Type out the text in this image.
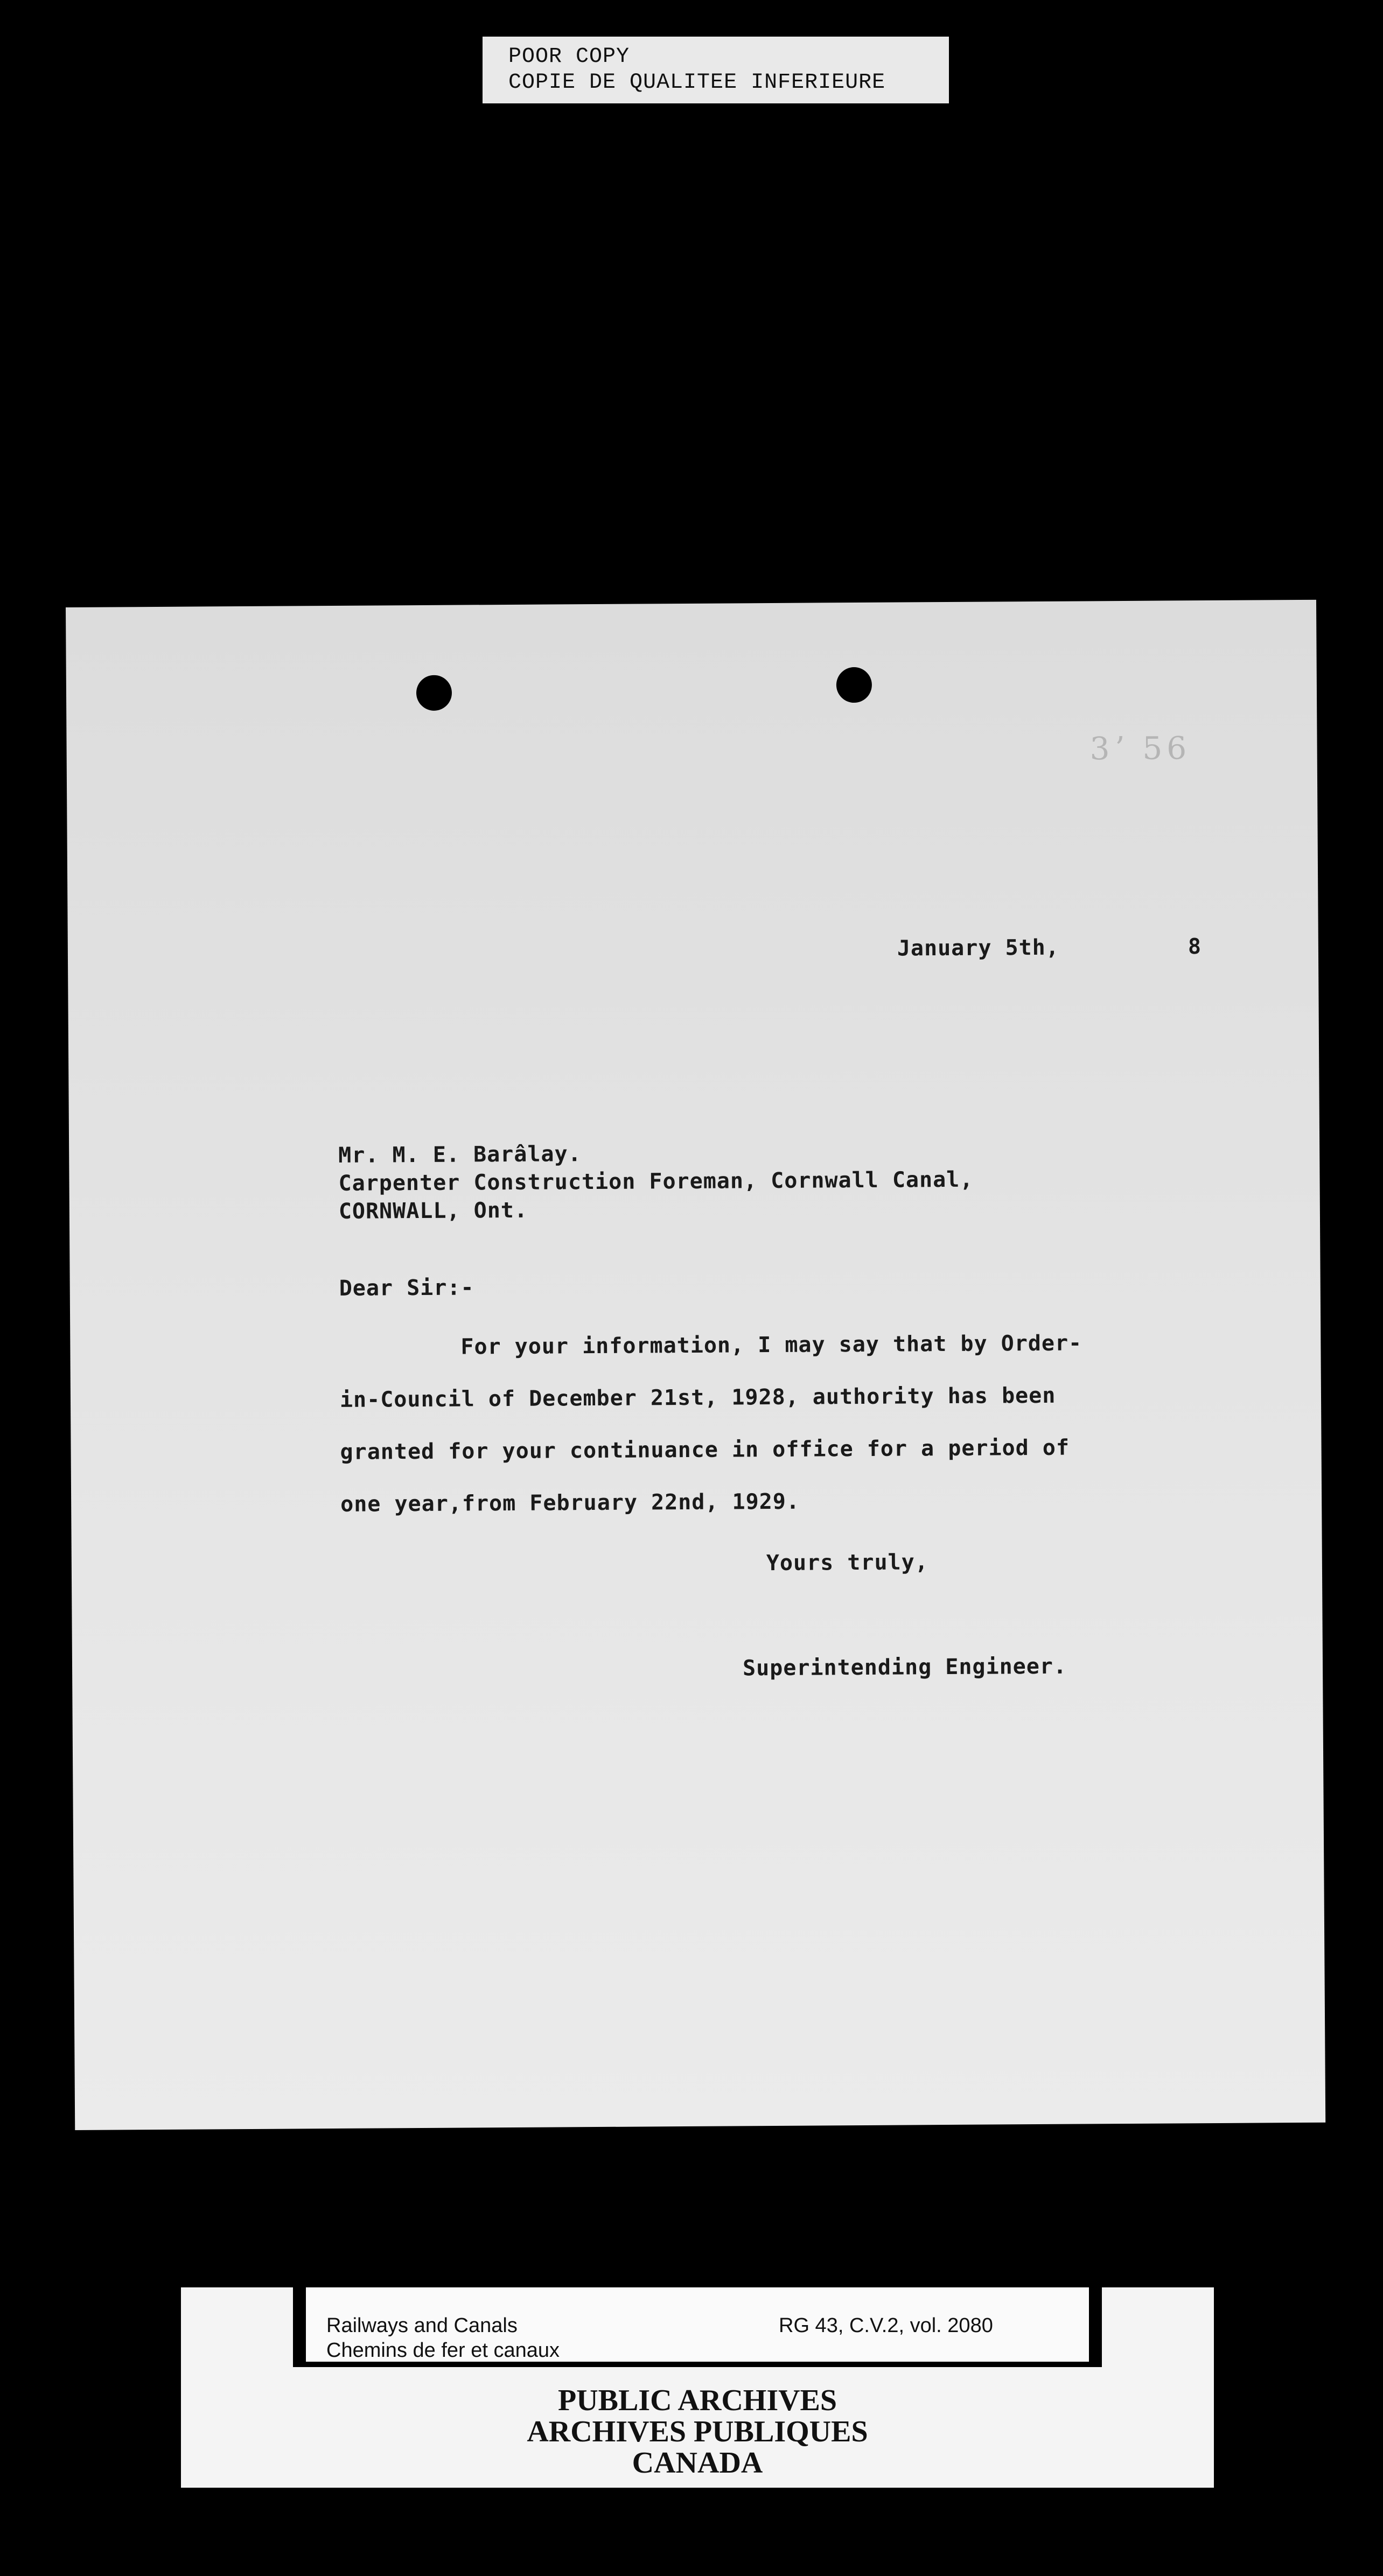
POOR COPY
COPIE DE QUALITEE INFERIEURE
3ʼ 56
January 5th,	8
Mr. M. E. Barâlay.
Carpenter Construction Foreman, Cornwall Canal,
CORNWALL, Ont.
Dear Sir:-
For your information, I may say that by Order-
in-Council of December 21st, 1928, authority has been
granted for your continuance in office for a period of
one year,from February 22nd, 1929.
Yours truly,
Superintending Engineer.
Railways and Canals
Chemins de fer et canaux
RG 43, C.V.2, vol. 2080
PUBLIC ARCHIVES
ARCHIVES PUBLIQUES
CANADA
